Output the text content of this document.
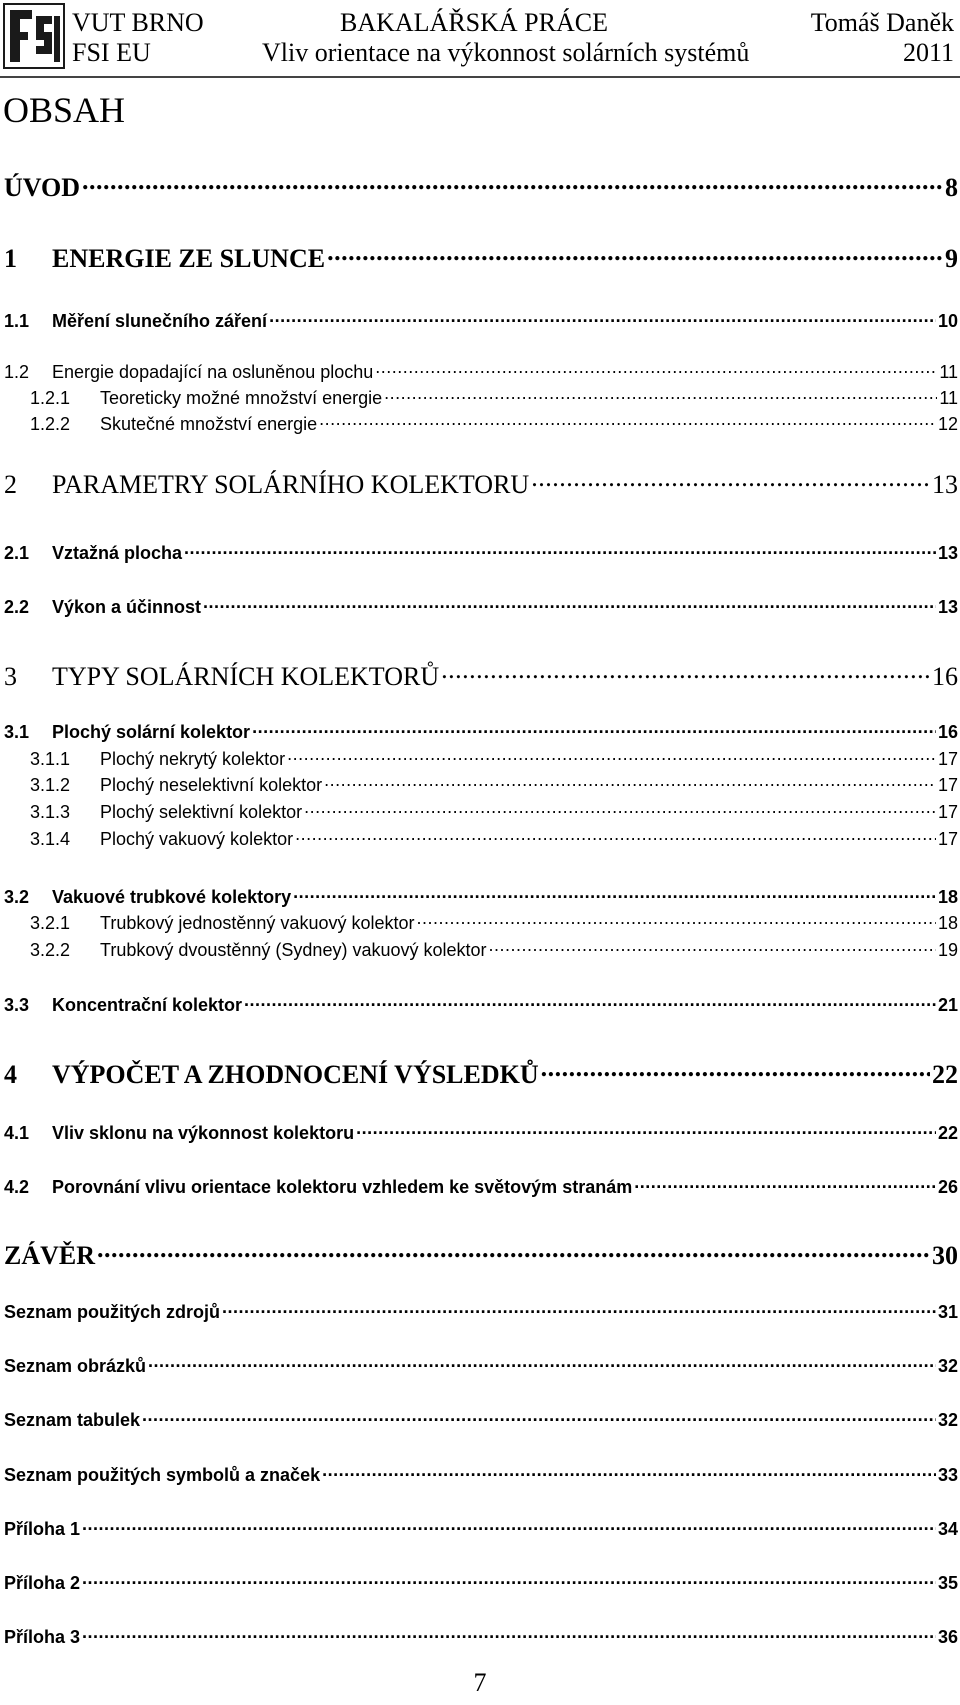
VUT BRNO
FSI EU
BAKALÁŘSKÁ PRÁCE
Vliv orientace na výkonnost solárních systémů
Tomáš Daněk
2011
OBSAH
ÚVOD .....	8
1	ENERGIE ZE SLUNCE .....	9
1.1	Měření slunečního záření .....	10
1.2	Energie dopadající na osluněnou plochu .....	11
1.2.1	Teoreticky možné množství energie .....	11
1.2.2	Skutečné množství energie .....	12
2	PARAMETRY SOLÁRNÍHO KOLEKTORU .....	13
2.1	Vztažná plocha .....	13
2.2	Výkon a účinnost .....	13
3	TYPY SOLÁRNÍCH KOLEKTORŮ .....	16
3.1	Plochý solární kolektor .....	16
3.1.1	Plochý nekrytý kolektor .....	17
3.1.2	Plochý neselektivní kolektor .....	17
3.1.3	Plochý selektivní kolektor .....	17
3.1.4	Plochý vakuový kolektor .....	17
3.2	Vakuové trubkové kolektory .....	18
3.2.1	Trubkový jednostěnný vakuový kolektor .....	18
3.2.2	Trubkový dvoustěnný (Sydney) vakuový kolektor .....	19
3.3	Koncentrační kolektor .....	21
4	VÝPOČET A ZHODNOCENÍ VÝSLEDKŮ .....	22
4.1	Vliv sklonu na výkonnost kolektoru .....	22
4.2	Porovnání vlivu orientace kolektoru vzhledem ke světovým stranám .....	26
ZÁVĚR .....	30
Seznam použitých zdrojů .....	31
Seznam obrázků .....	32
Seznam tabulek .....	32
Seznam použitých symbolů a značek .....	33
Příloha 1 .....	34
Příloha 2 .....	35
Příloha 3 .....	36
7
